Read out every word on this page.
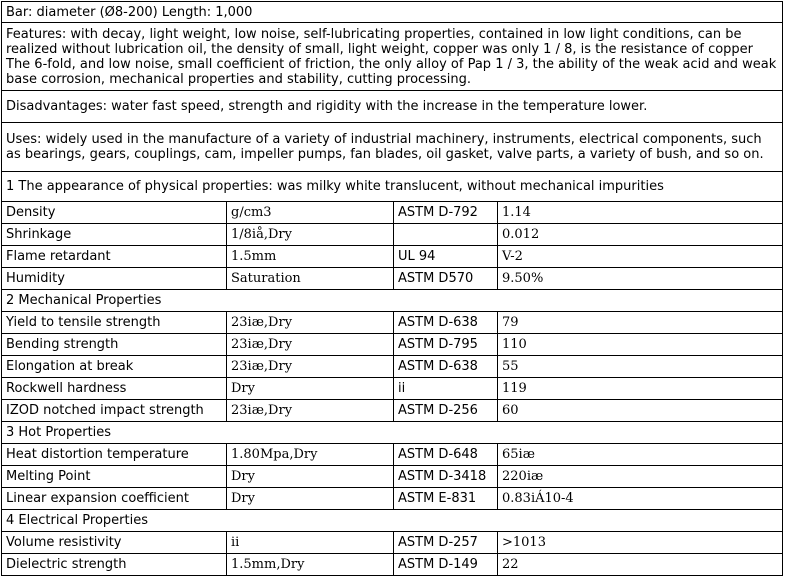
Bar: diameter (Ø8-200) Length: 1,000			
Features: with decay, light weight, low noise, self-lubricating properties, contained in low light conditions, can be realized without lubrication oil, the density of small, light weight, copper was only 1 / 8, is the resistance of copper The 6-fold, and low noise, small coefficient of friction, the only alloy of Pap 1 / 3, the ability of the weak acid and weak base corrosion, mechanical properties and stability, cutting processing.			
Disadvantages: water fast speed, strength and rigidity with the increase in the temperature lower.			
Uses: widely used in the manufacture of a variety of industrial machinery, instruments, electrical components, such as bearings, gears, couplings, cam, impeller pumps, fan blades, oil gasket, valve parts, a variety of bush, and so on.			
1 The appearance of physical properties: was milky white translucent, without mechanical impurities			
Density	g/cm3	ASTM D-792	1.14
Shrinkage	1/8iå,Dry		0.012
Flame retardant	1.5mm	UL 94	V-2
Humidity	Saturation	ASTM D570	9.50%
2 Mechanical Properties			
Yield to tensile strength	23iæ,Dry	ASTM D-638	79
Bending strength	23iæ,Dry	ASTM D-795	110
Elongation at break	23iæ,Dry	ASTM D-638	55
Rockwell hardness	Dry	ii	119
IZOD notched impact strength	23iæ,Dry	ASTM D-256	60
3 Hot Properties			
Heat distortion temperature	1.80Mpa,Dry	ASTM D-648	65iæ
Melting Point	Dry	ASTM D-3418	220iæ
Linear expansion coefficient	Dry	ASTM E-831	0.83iÁ10-4
4 Electrical Properties			
Volume resistivity	ii	ASTM D-257	>1013
Dielectric strength	1.5mm,Dry	ASTM D-149	22
